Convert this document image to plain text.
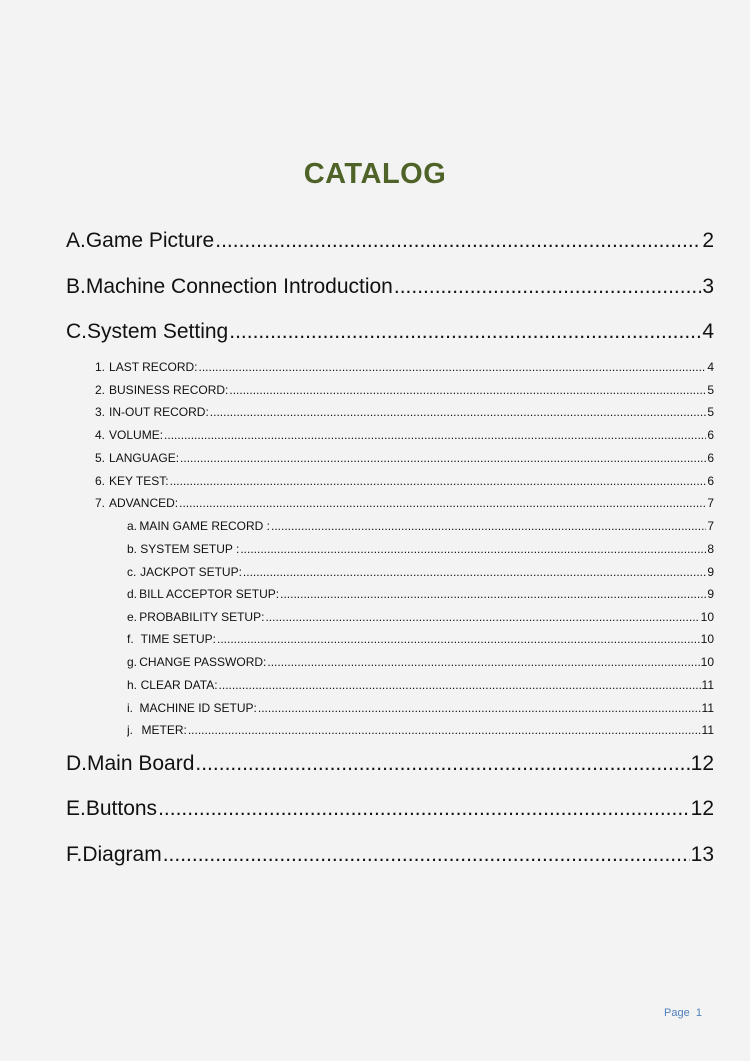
CATALOG
A. Game Picture .....	2
B. Machine Connection Introduction .....	3
C. System Setting .....	4
1. LAST RECORD: .....	4
2. BUSINESS RECORD: .....	5
3. IN-OUT RECORD: .....	5
4. VOLUME: .....	6
5. LANGUAGE: .....	6
6. KEY TEST: .....	6
7. ADVANCED: .....	7
a. MAIN GAME RECORD : .....	7
b. SYSTEM SETUP : .....	8
c. JACKPOT SETUP: .....	9
d. BILL ACCEPTOR SETUP: .....	9
e. PROBABILITY SETUP: .....	10
f. TIME SETUP: .....	10
g. CHANGE PASSWORD: .....	10
h. CLEAR DATA: .....	11
i. MACHINE ID SETUP: .....	11
j. METER: .....	11
D. Main Board .....	12
E. Buttons .....	12
F. Diagram .....	13
Page 1
